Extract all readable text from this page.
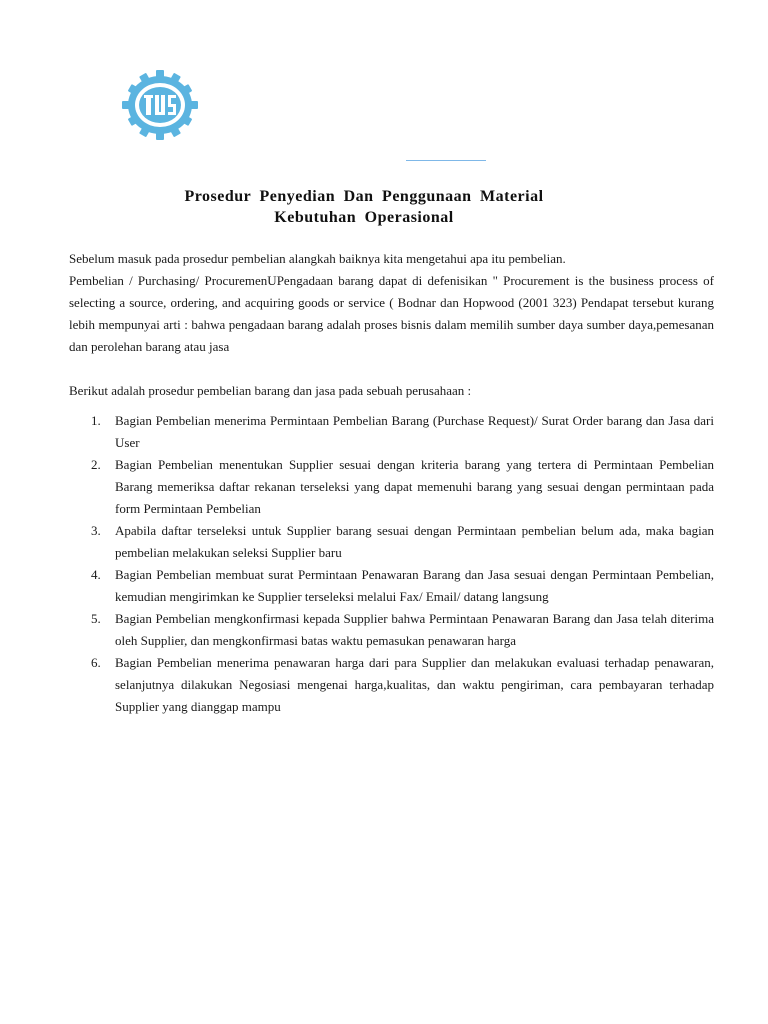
Prosedur Penyedian Dan Penggunaan Material
Kebutuhan Operasional

Sebelum masuk pada prosedur pembelian alangkah baiknya kita mengetahui apa itu pembelian.

Pembelian / Purchasing/ ProcuremenUPengadaan barang dapat di defenisikan " Procurement is the business process of selecting a source, ordering, and acquiring goods or service ( Bodnar dan Hopwood (2001 323) Pendapat tersebut kurang lebih mempunyai arti : bahwa pengadaan barang adalah proses bisnis dalam memilih sumber daya sumber daya,pemesanan dan perolehan barang atau jasa

Berikut adalah prosedur pembelian barang dan jasa pada sebuah perusahaan :

1. Bagian Pembelian menerima Permintaan Pembelian Barang (Purchase Request)/ Surat Order barang dan Jasa dari User
2. Bagian Pembelian menentukan Supplier sesuai dengan kriteria barang yang tertera di Permintaan Pembelian Barang memeriksa daftar rekanan terseleksi yang dapat memenuhi barang yang sesuai dengan permintaan pada form Permintaan Pembelian
3. Apabila daftar terseleksi untuk Supplier barang sesuai dengan Permintaan pembelian belum ada, maka bagian pembelian melakukan seleksi Supplier baru
4. Bagian Pembelian membuat surat Permintaan Penawaran Barang dan Jasa sesuai dengan Permintaan Pembelian, kemudian mengirimkan ke Supplier terseleksi melalui Fax/ Email/ datang langsung
5. Bagian Pembelian mengkonfirmasi kepada Supplier bahwa Permintaan Penawaran Barang dan Jasa telah diterima oleh Supplier, dan mengkonfirmasi batas waktu pemasukan penawaran harga
6. Bagian Pembelian menerima penawaran harga dari para Supplier dan melakukan evaluasi terhadap penawaran, selanjutnya dilakukan Negosiasi mengenai harga,kualitas, dan waktu pengiriman, cara pembayaran terhadap Supplier yang dianggap mampu
